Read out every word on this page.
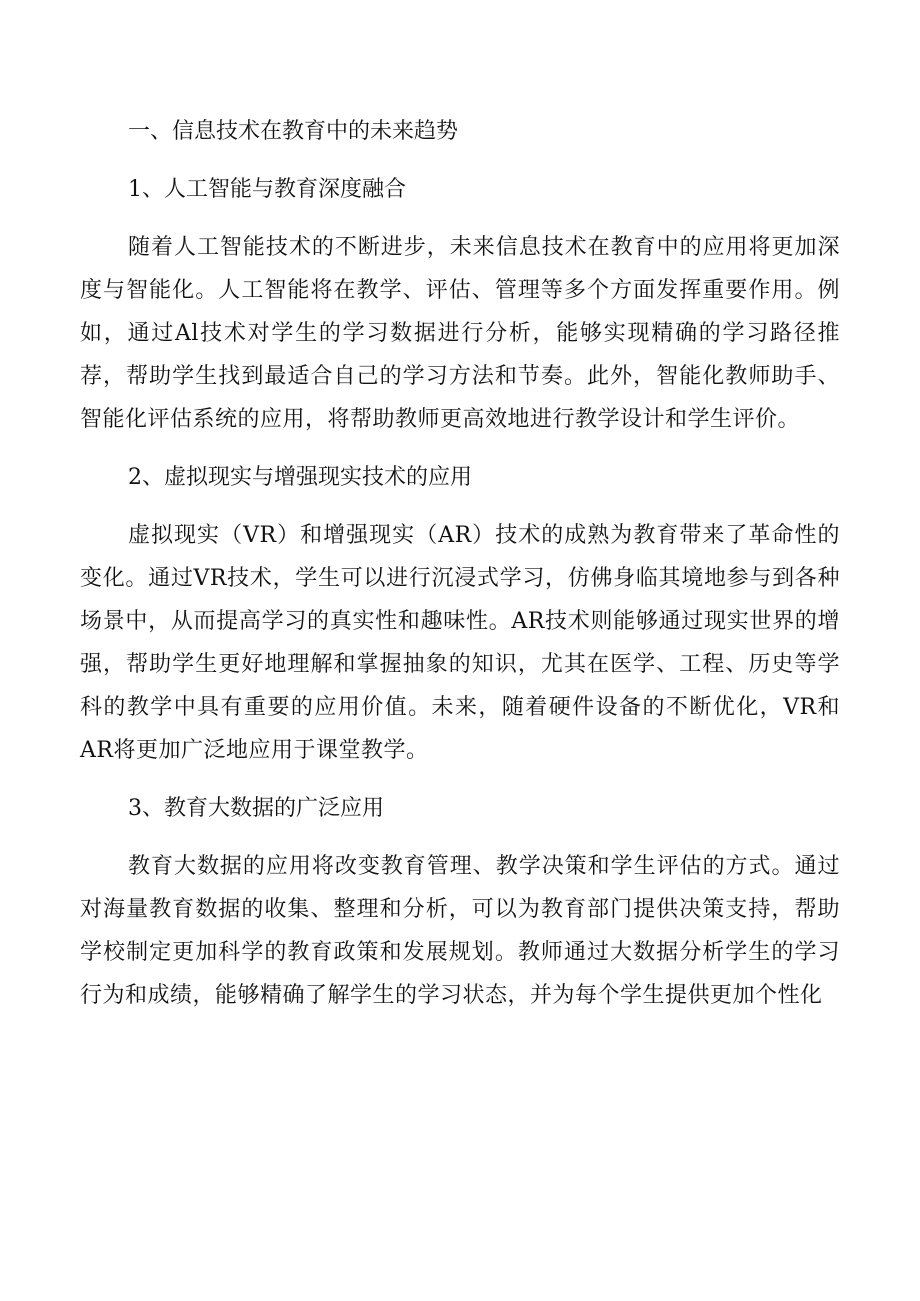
一、信息技术在教育中的未来趋势
1、人工智能与教育深度融合
随着人工智能技术的不断进步，未来信息技术在教育中的应用将更加深度与智能化。人工智能将在教学、评估、管理等多个方面发挥重要作用。例如，通过Al技术对学生的学习数据进行分析，能够实现精确的学习路径推荐，帮助学生找到最适合自己的学习方法和节奏。此外，智能化教师助手、智能化评估系统的应用，将帮助教师更高效地进行教学设计和学生评价。
2、虚拟现实与增强现实技术的应用
虚拟现实（VR）和增强现实（AR）技术的成熟为教育带来了革命性的变化。通过VR技术，学生可以进行沉浸式学习，仿佛身临其境地参与到各种场景中，从而提高学习的真实性和趣味性。AR技术则能够通过现实世界的增强，帮助学生更好地理解和掌握抽象的知识，尤其在医学、工程、历史等学科的教学中具有重要的应用价值。未来，随着硬件设备的不断优化，VR和AR将更加广泛地应用于课堂教学。
3、教育大数据的广泛应用
教育大数据的应用将改变教育管理、教学决策和学生评估的方式。通过对海量教育数据的收集、整理和分析，可以为教育部门提供决策支持，帮助学校制定更加科学的教育政策和发展规划。教师通过大数据分析学生的学习行为和成绩，能够精确了解学生的学习状态，并为每个学生提供更加个性化
